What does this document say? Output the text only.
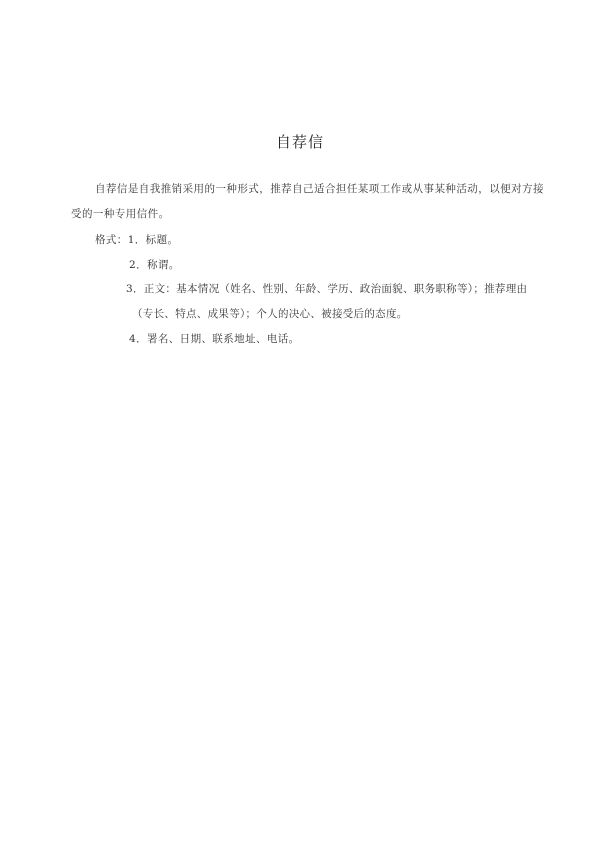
自荐信
自荐信是自我推销采用的一种形式，推荐自己适合担任某项工作或从事某种活动，以便对方接
受的一种专用信件。
格式：1．标题。
2．称谓。
3．正文：基本情况（姓名、性别、年龄、学历、政治面貌、职务职称等）；推荐理由
（专长、特点、成果等）；个人的决心、被接受后的态度。
4．署名、日期、联系地址、电话。
